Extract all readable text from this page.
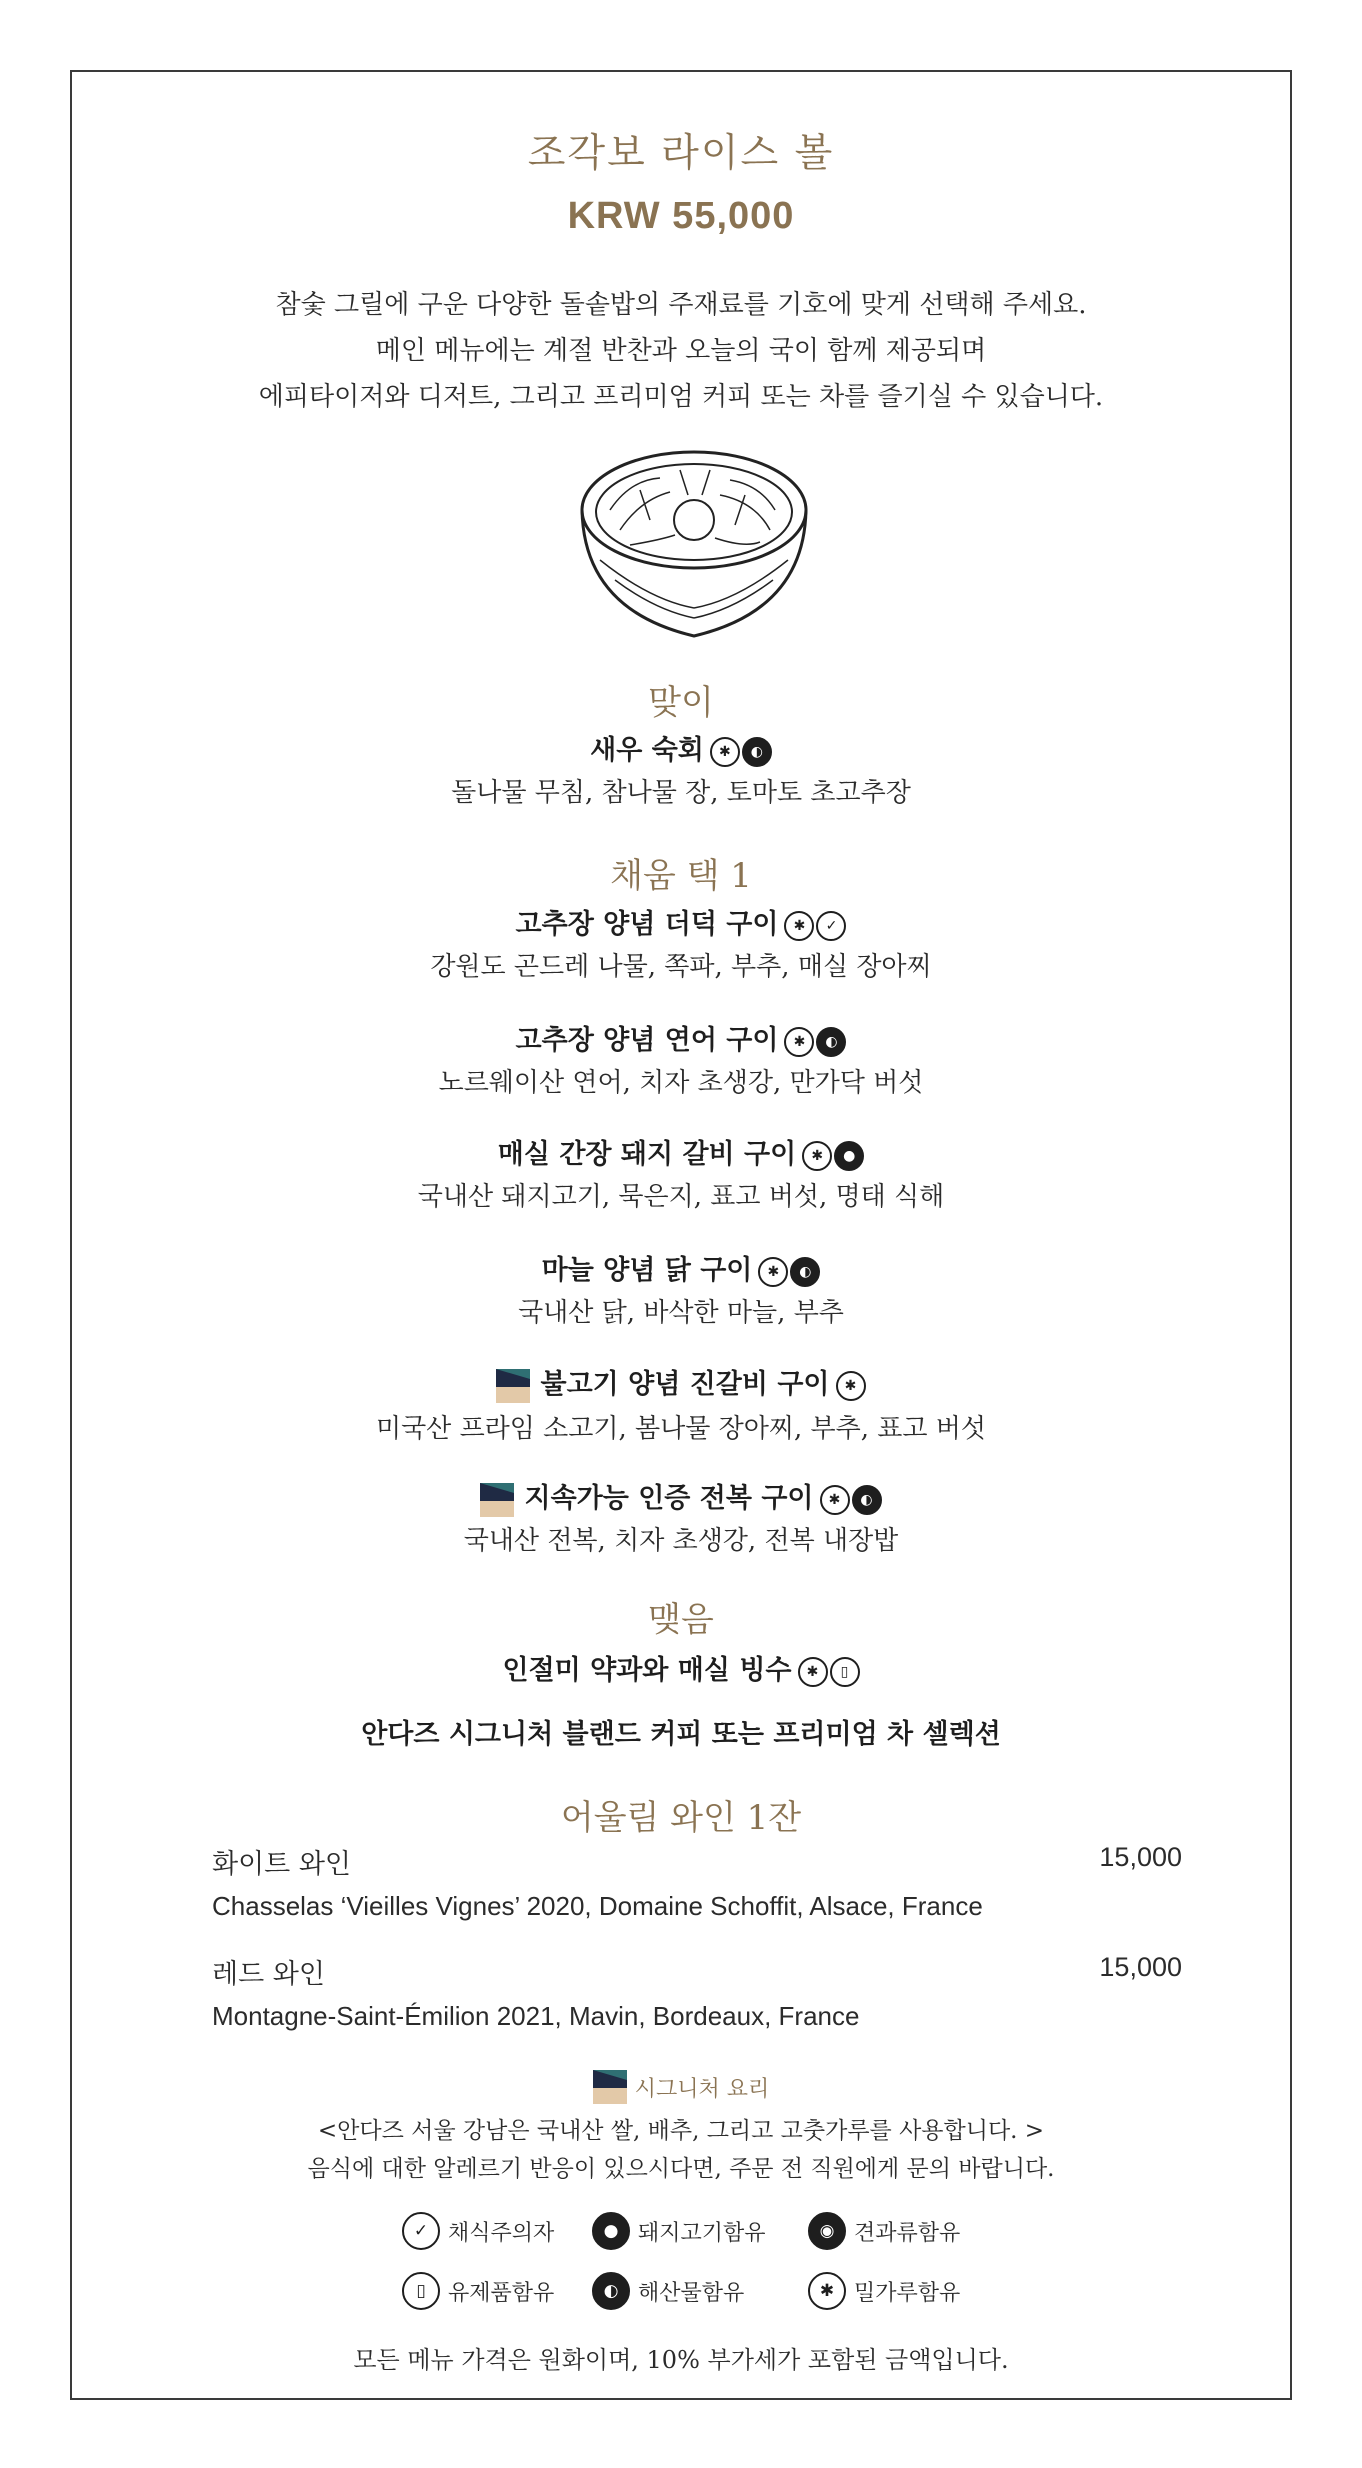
조각보 라이스 볼
KRW 55,000
참숯 그릴에 구운 다양한 돌솥밥의 주재료를 기호에 맞게 선택해 주세요.
메인 메뉴에는 계절 반찬과 오늘의 국이 함께 제공되며
에피타이저와 디저트, 그리고 프리미엄 커피 또는 차를 즐기실 수 있습니다.
맞이
새우 숙회	✱	◐
돌나물 무침, 참나물 장, 토마토 초고추장
채움 택 1
고추장 양념 더덕 구이	✱	✓
강원도 곤드레 나물, 쪽파, 부추, 매실 장아찌
고추장 양념 연어 구이	✱	◐
노르웨이산 연어, 치자 초생강, 만가닥 버섯
매실 간장 돼지 갈비 구이	✱	●
국내산 돼지고기, 묵은지, 표고 버섯, 명태 식해
마늘 양념 닭 구이	✱	◐
국내산 닭, 바삭한 마늘, 부추
불고기 양념 진갈비 구이	✱
미국산 프라임 소고기, 봄나물 장아찌, 부추, 표고 버섯
지속가능 인증 전복 구이	✱	◐
국내산 전복, 치자 초생강, 전복 내장밥
맺음
인절미 약과와 매실 빙수	✱	▯
안다즈 시그니처 블랜드 커피 또는 프리미엄 차 셀렉션
어울림 와인 1잔
화이트 와인	15,000
Chasselas ‘Vieilles Vignes’ 2020, Domaine Schoffit, Alsace, France
레드 와인	15,000
Montagne-Saint-Émilion 2021, Mavin, Bordeaux, France
시그니처 요리
<안다즈 서울 강남은 국내산 쌀, 배추, 그리고 고춧가루를 사용합니다. >
음식에 대한 알레르기 반응이 있으시다면, 주문 전 직원에게 문의 바랍니다.
✓ 채식주의자	● 돼지고기함유	◉ 견과류함유
▯	유제품함유	◐ 해산물함유	✱ 밀가루함유
모든 메뉴 가격은 원화이며, 10% 부가세가 포함된 금액입니다.
